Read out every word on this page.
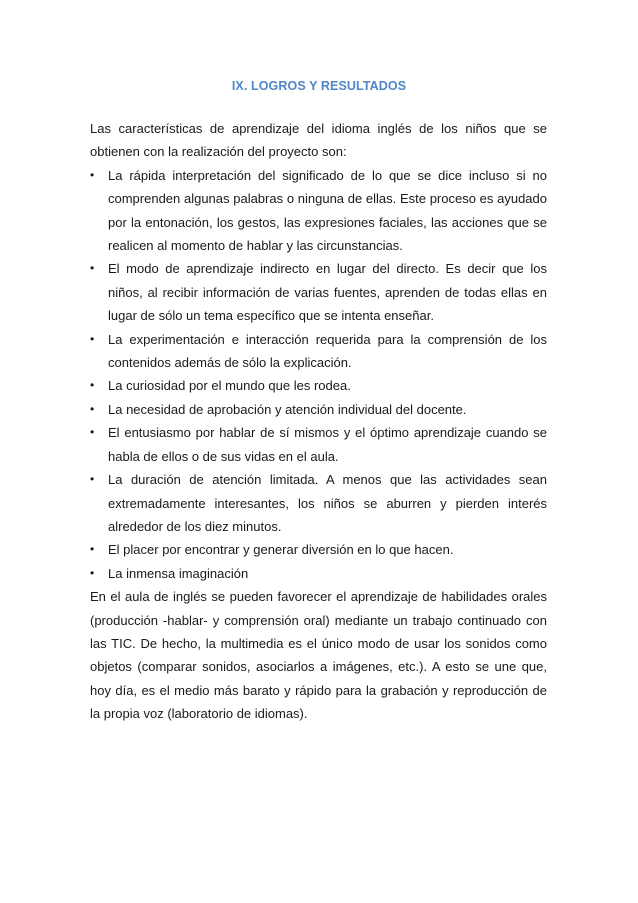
IX. LOGROS Y RESULTADOS

Las características de aprendizaje del idioma inglés de los niños que se obtienen con la realización del proyecto son:

•	La rápida interpretación del significado de lo que se dice incluso si no comprenden algunas palabras o ninguna de ellas. Este proceso es ayudado por la entonación, los gestos, las expresiones faciales, las acciones que se realicen al momento de hablar y las circunstancias.
•	El modo de aprendizaje indirecto en lugar del directo. Es decir que los niños, al recibir información de varias fuentes, aprenden de todas ellas en lugar de sólo un tema específico que se intenta enseñar.
•	La experimentación e interacción requerida para la comprensión de los contenidos además de sólo la explicación.
•	La curiosidad por el mundo que les rodea.
•	La necesidad de aprobación y atención individual del docente.
•	El entusiasmo por hablar de sí mismos y el óptimo aprendizaje cuando se habla de ellos o de sus vidas en el aula.
•	La duración de atención limitada. A menos que las actividades sean extremadamente interesantes, los niños se aburren y pierden interés alrededor de los diez minutos.
•	El placer por encontrar y generar diversión en lo que hacen.
•	La inmensa imaginación

En el aula de inglés se pueden favorecer el aprendizaje de habilidades orales (producción -hablar- y comprensión oral) mediante un trabajo continuado con las TIC. De hecho, la multimedia es el único modo de usar los sonidos como objetos (comparar sonidos, asociarlos a imágenes, etc.). A esto se une que, hoy día, es el medio más barato y rápido para la grabación y reproducción de la propia voz (laboratorio de idiomas).
